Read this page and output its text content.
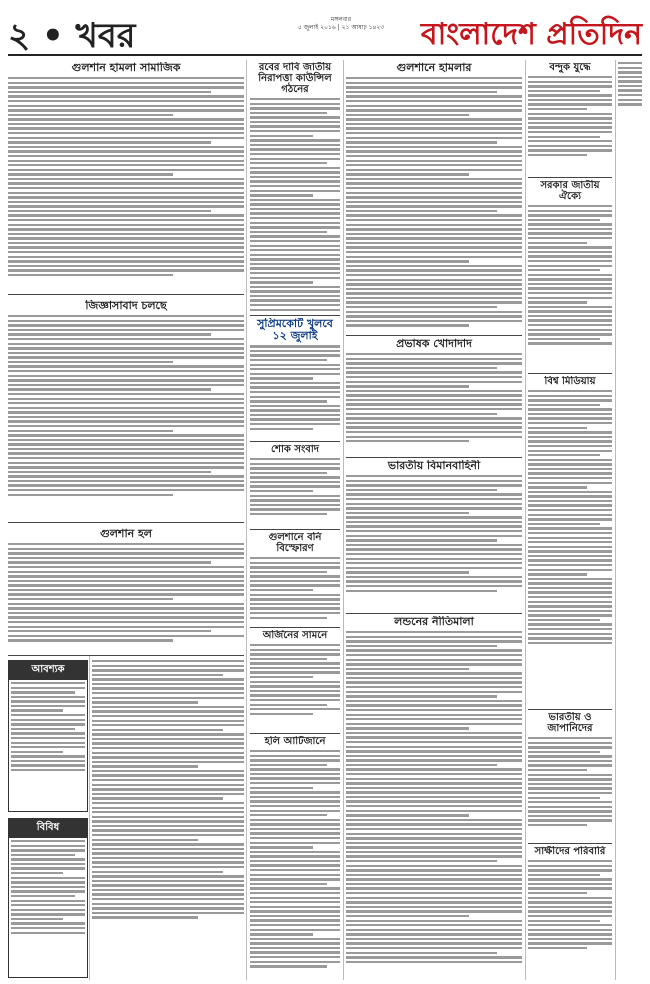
২ • খবর	মঙ্গলবার
৫ জুলাই ২০১৬ | ২১ আষাঢ় ১৪২৩	বাংলাদেশ প্রতিদিন
গুলশান হামলা সামাজিক
জিজ্ঞাসাবাদ চলছে
গুলশান হল
আবশ্যক
বিবিধ
রবের দাবি জাতীয় নিরাপত্তা কাউন্সিল গঠনের
সুপ্রিমকোর্ট খুলবে ১২ জুলাই
শোক সংবাদ
গুলশানে বনি বিস্ফোরণ
অর্জিনের সামনে
হলি আর্টিজানে
গুলশানে হামলার
প্রভাষক খোদাদাদ
ভারতীয় বিমানবাহিনী
লন্ডনের নীতিমালা
বন্দুক যুদ্ধে
সরকার জাতীয় ঐক্যে
বিশ্ব মিডিয়ায়
ভারতীয় ও জাপানিদের
সাক্ষীদের পরিবারি
